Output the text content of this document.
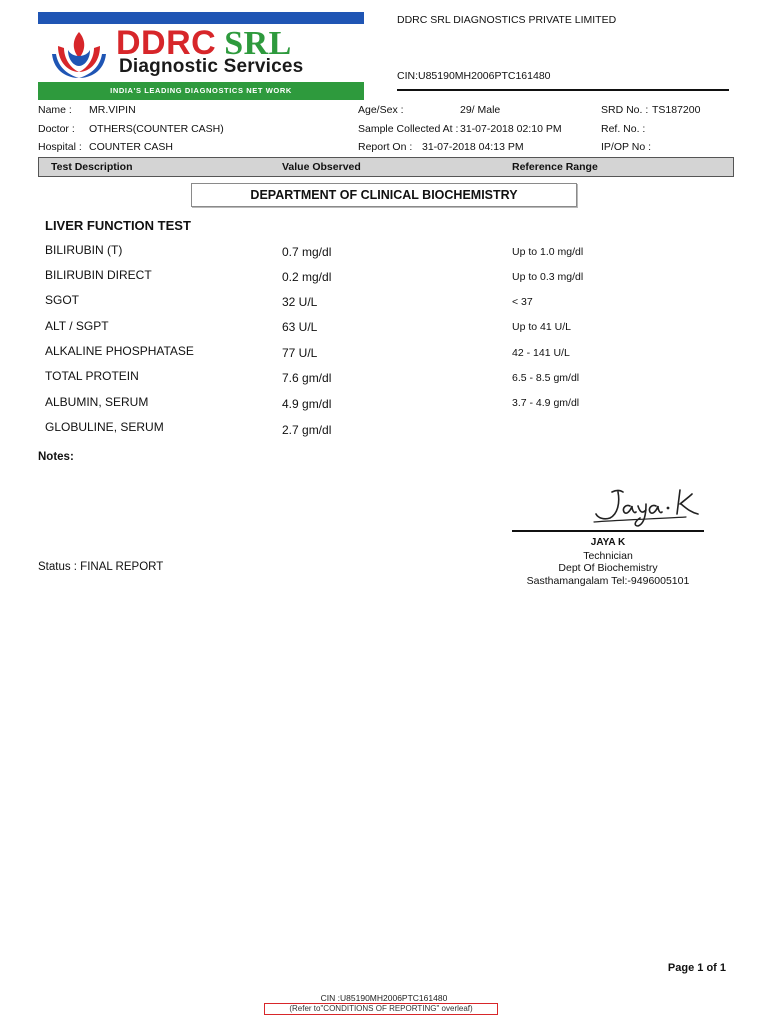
DDRC SRL
Diagnostic Services
INDIA'S LEADING DIAGNOSTICS NET WORK
DDRC SRL DIAGNOSTICS PRIVATE LIMITED
CIN:U85190MH2006PTC161480
Name : MR.VIPIN
Doctor : OTHERS(COUNTER CASH)
Hospital : COUNTER CASH
Age/Sex :	29/ Male
Sample Collected At : 31-07-2018 02:10 PM
Report On : 31-07-2018 04:13 PM
SRD No. : TS187200
Ref. No. :
IP/OP No :
Test Description	Value Observed	Reference Range
DEPARTMENT OF CLINICAL BIOCHEMISTRY
LIVER FUNCTION TEST
BILIRUBIN (T)	0.7 mg/dl	Up to 1.0 mg/dl
BILIRUBIN DIRECT	0.2 mg/dl	Up to 0.3 mg/dl
SGOT	32 U/L	< 37
ALT / SGPT	63 U/L	Up to 41 U/L
ALKALINE PHOSPHATASE	77 U/L	42 - 141 U/L
TOTAL PROTEIN	7.6 gm/dl	6.5 - 8.5 gm/dl
ALBUMIN, SERUM	4.9 gm/dl	3.7 - 4.9 gm/dl
GLOBULINE, SERUM	2.7 gm/dl
Notes:
JAYA K
Technician
Dept Of Biochemistry
Sasthamangalam Tel:-9496005101
Status : FINAL REPORT
Page 1 of 1
CIN :U85190MH2006PTC161480
(Refer to"CONDITIONS OF REPORTING" overleaf)
